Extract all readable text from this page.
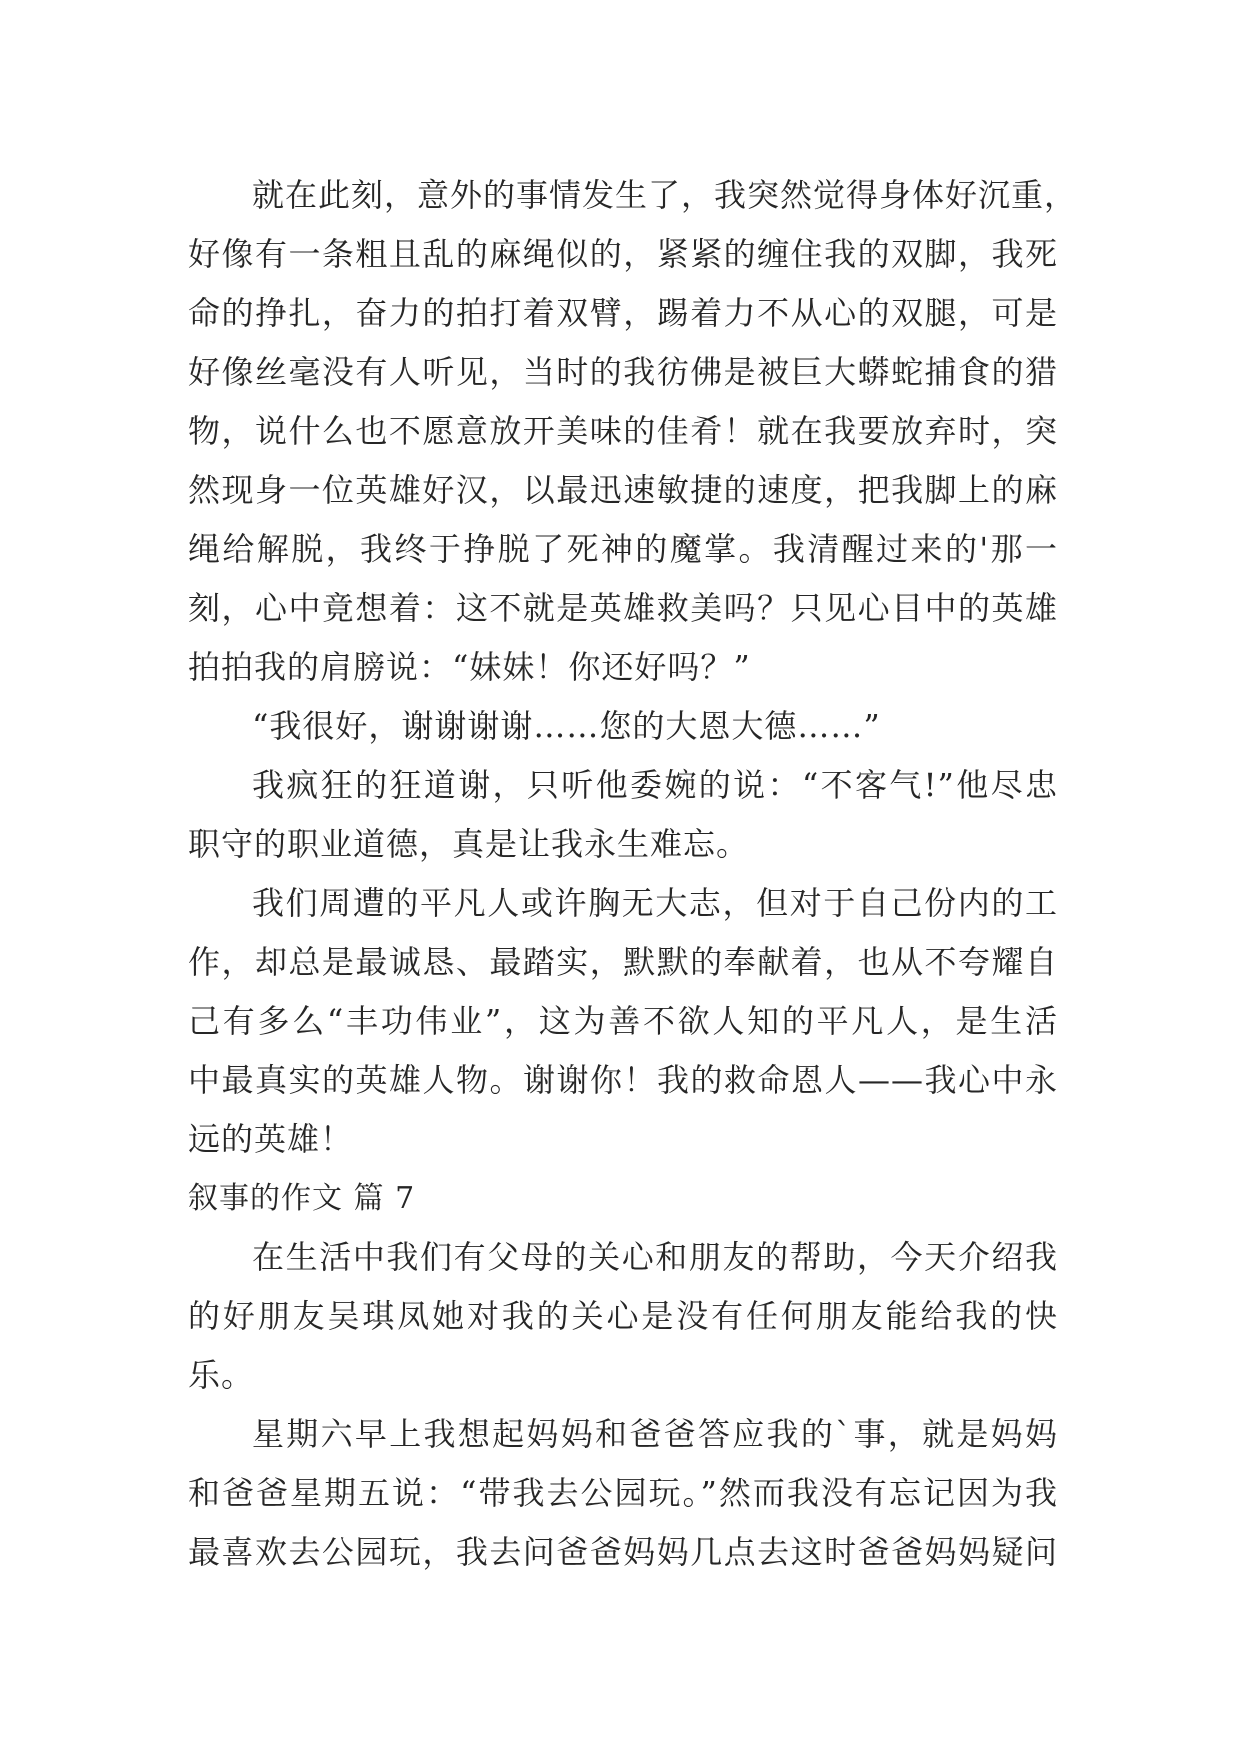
就在此刻，意外的事情发生了，我突然觉得身体好沉重，

好像有一条粗且乱的麻绳似的，紧紧的缠住我的双脚，我死

命的挣扎，奋力的拍打着双臂，踢着力不从心的双腿，可是

好像丝毫没有人听见，当时的我彷佛是被巨大蟒蛇捕食的猎

物，说什么也不愿意放开美味的佳肴！就在我要放弃时，突

然现身一位英雄好汉，以最迅速敏捷的速度，把我脚上的麻

绳给解脱，我终于挣脱了死神的魔掌。我清醒过来的'那一

刻，心中竟想着：这不就是英雄救美吗？只见心目中的英雄

拍拍我的肩膀说：“妹妹！你还好吗？”

“我很好，谢谢谢谢……您的大恩大德……”

我疯狂的狂道谢，只听他委婉的说：“不客气!”他尽忠

职守的职业道德，真是让我永生难忘。

我们周遭的平凡人或许胸无大志，但对于自己份内的工

作，却总是最诚恳、最踏实，默默的奉献着，也从不夸耀自

己有多么“丰功伟业”，这为善不欲人知的平凡人，是生活

中最真实的英雄人物。谢谢你！我的救命恩人——我心中永

远的英雄！

叙事的作文 篇 7

在生活中我们有父母的关心和朋友的帮助，今天介绍我

的好朋友吴琪凤她对我的关心是没有任何朋友能给我的快

乐。

星期六早上我想起妈妈和爸爸答应我的`事，就是妈妈

和爸爸星期五说：“带我去公园玩。”然而我没有忘记因为我

最喜欢去公园玩，我去问爸爸妈妈几点去这时爸爸妈妈疑问
